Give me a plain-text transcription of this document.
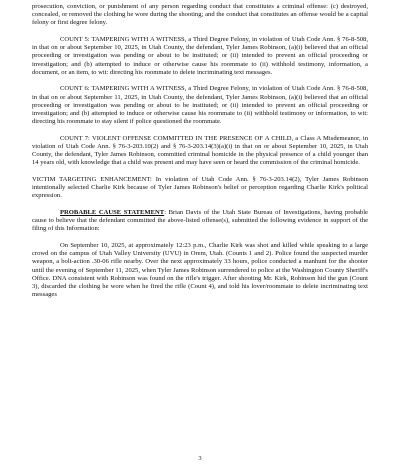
prosecution, conviction, or punishment of any person regarding conduct that constitutes a criminal offense: (c) destroyed, concealed, or removed the clothing he wore during the shooting; and the conduct that constitutes an offense would be a capital felony or first degree felony.

COUNT 5: TAMPERING WITH A WITNESS, a Third Degree Felony, in violation of Utah Code Ann. § 76-8-508, in that on or about September 10, 2025, in Utah County, the defendant, Tyler James Robinson, (a)(i) believed that an official proceeding or investigation was pending or about to be instituted; or (ii) intended to prevent an official proceeding or investigation; and (b) attempted to induce or otherwise cause his roommate to (ii) withhold testimony, information, a document, or an item, to wit: directing his roommate to delete incriminating text messages.

COUNT 6: TAMPERING WITH A WITNESS, a Third Degree Felony, in violation of Utah Code Ann. § 76-8-508, in that on or about September 11, 2025, in Utah County, the defendant, Tyler James Robinson, (a)(i) believed that an official proceeding or investigation was pending or about to be instituted; or (ii) intended to prevent an official proceeding or investigation; and (b) attempted to induce or otherwise cause his roommate to (ii) withhold testimony or information, to wit: directing his roommate to stay silent if police questioned the roommate.

COUNT 7: VIOLENT OFFENSE COMMITTED IN THE PRESENCE OF A CHILD, a Class A Misdemeanor, in violation of Utah Code Ann. § 76-3-203.10(2) and § 76-3-203.14(3)(a)(i) in that on or about September 10, 2025, in Utah County, the defendant, Tyler James Robinson, committed criminal homicide in the physical presence of a child younger than 14 years old, with knowledge that a child was present and may have seen or heard the commission of the criminal homicide.

VICTIM TARGETING ENHANCEMENT: In violation of Utah Code Ann. § 76-3-203.14(2), Tyler James Robinson intentionally selected Charlie Kirk because of Tyler James Robinson's belief or perception regarding Charlie Kirk's political expression.

PROBABLE CAUSE STATEMENT: Brian Davis of the Utah State Bureau of Investigations, having probable cause to believe that the defendant committed the above-listed offense(s), submitted the following evidence in support of the filing of this Information:

On September 10, 2025, at approximately 12:23 p.m., Charlie Kirk was shot and killed while speaking to a large crowd on the campus of Utah Valley University (UVU) in Orem, Utah. (Counts 1 and 2). Police found the suspected murder weapon, a bolt-action .30-06 rifle nearby. Over the next approximately 33 hours, police conducted a manhunt for the shooter until the evening of September 11, 2025, when Tyler James Robinson surrendered to police at the Washington County Sheriff's Office. DNA consistent with Robinson was found on the rifle's trigger. After shooting Mr. Kirk, Robinson hid the gun (Count 3), discarded the clothing he wore when he fired the rifle (Count 4), and told his lover/roommate to delete incriminating text messages

3
